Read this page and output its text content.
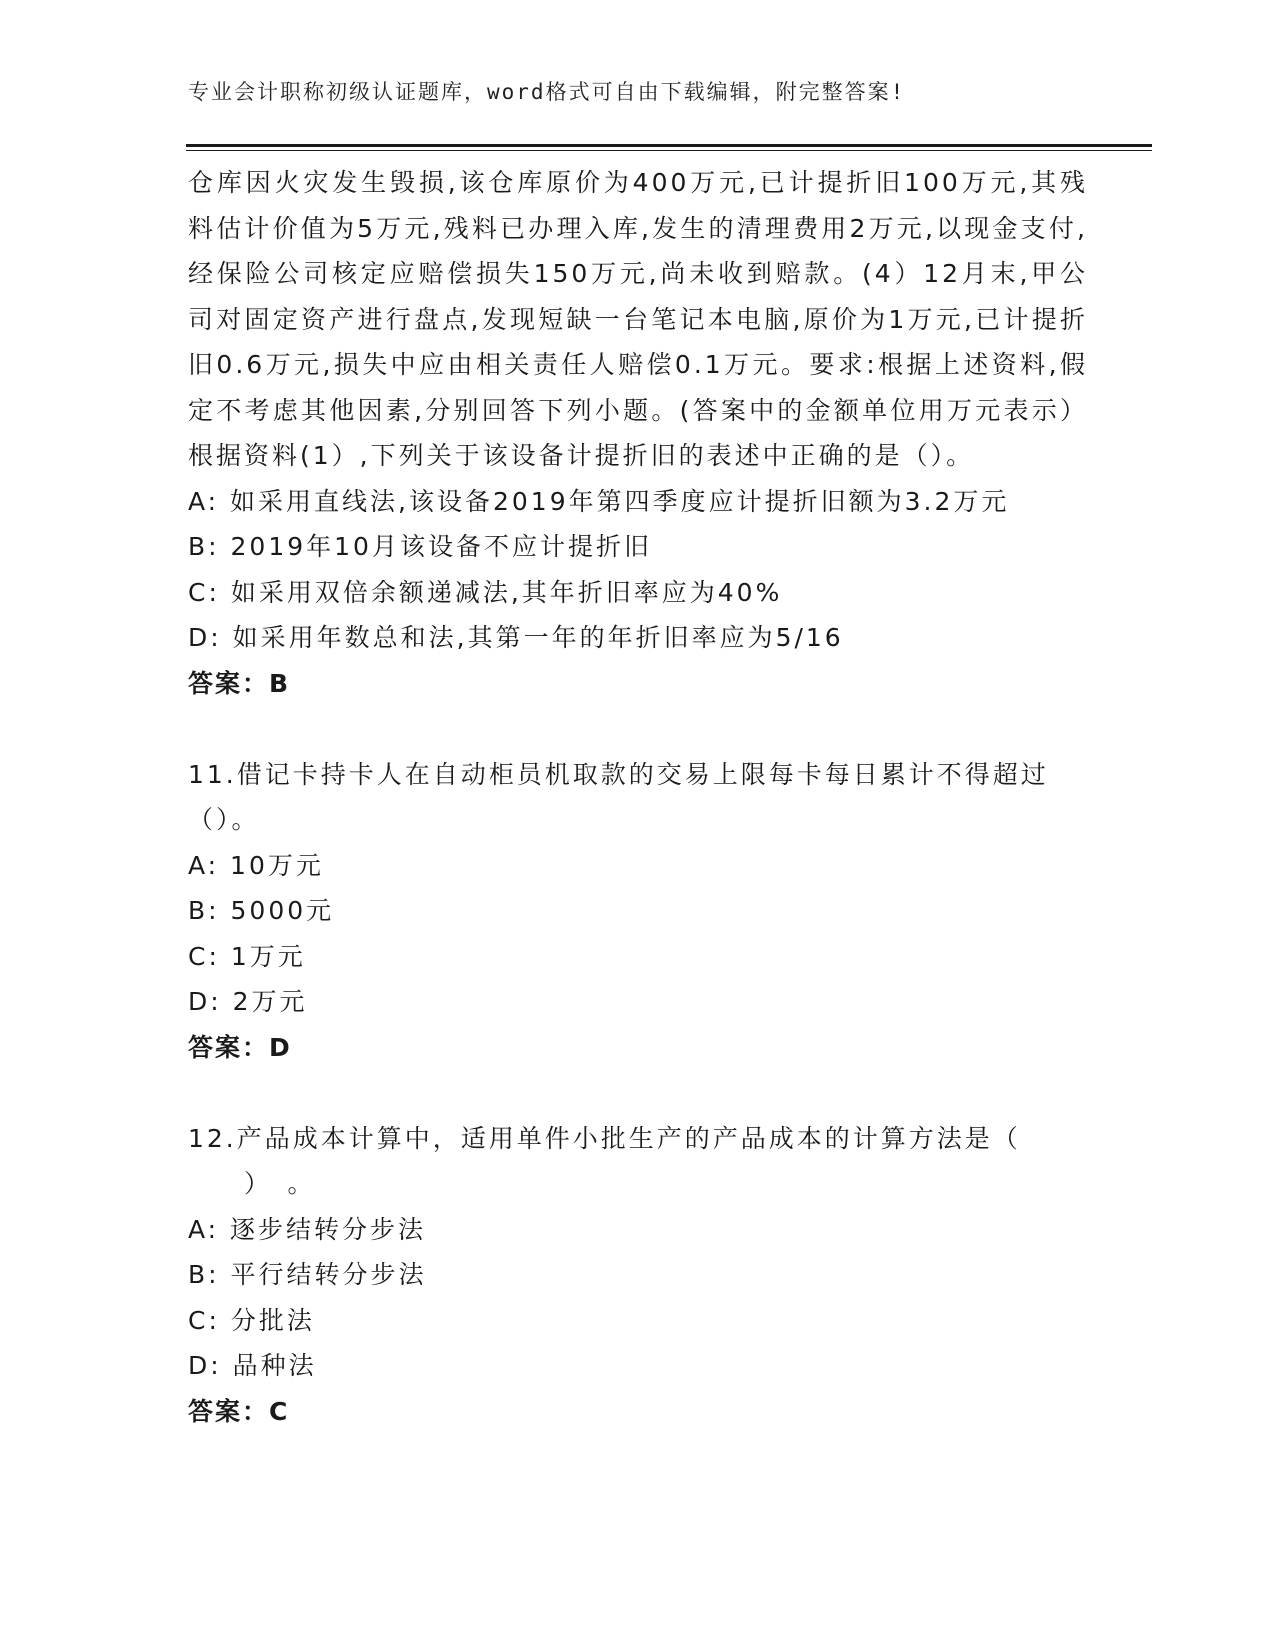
专业会计职称初级认证题库，word格式可自由下载编辑，附完整答案!

仓库因火灾发生毁损,该仓库原价为400万元,已计提折旧100万元,其残料估计价值为5万元,残料已办理入库,发生的清理费用2万元,以现金支付,经保险公司核定应赔偿损失150万元,尚未收到赔款。(4）12月末,甲公司对固定资产进行盘点,发现短缺一台笔记本电脑,原价为1万元,已计提折旧0.6万元,损失中应由相关责任人赔偿0.1万元。要求:根据上述资料,假定不考虑其他因素,分别回答下列小题。(答案中的金额单位用万元表示）根据资料(1）,下列关于该设备计提折旧的表述中正确的是（）。

A: 如采用直线法,该设备2019年第四季度应计提折旧额为3.2万元

B: 2019年10月该设备不应计提折旧

C: 如采用双倍余额递减法,其年折旧率应为40%

D: 如采用年数总和法,其第一年的年折旧率应为5/16

答案：B

11.借记卡持卡人在自动柜员机取款的交易上限每卡每日累计不得超过

（）。

A: 10万元

B: 5000元

C: 1万元

D: 2万元

答案：D

12.产品成本计算中，适用单件小批生产的产品成本的计算方法是（

　　）　。

A: 逐步结转分步法

B: 平行结转分步法

C: 分批法

D: 品种法

答案：C
